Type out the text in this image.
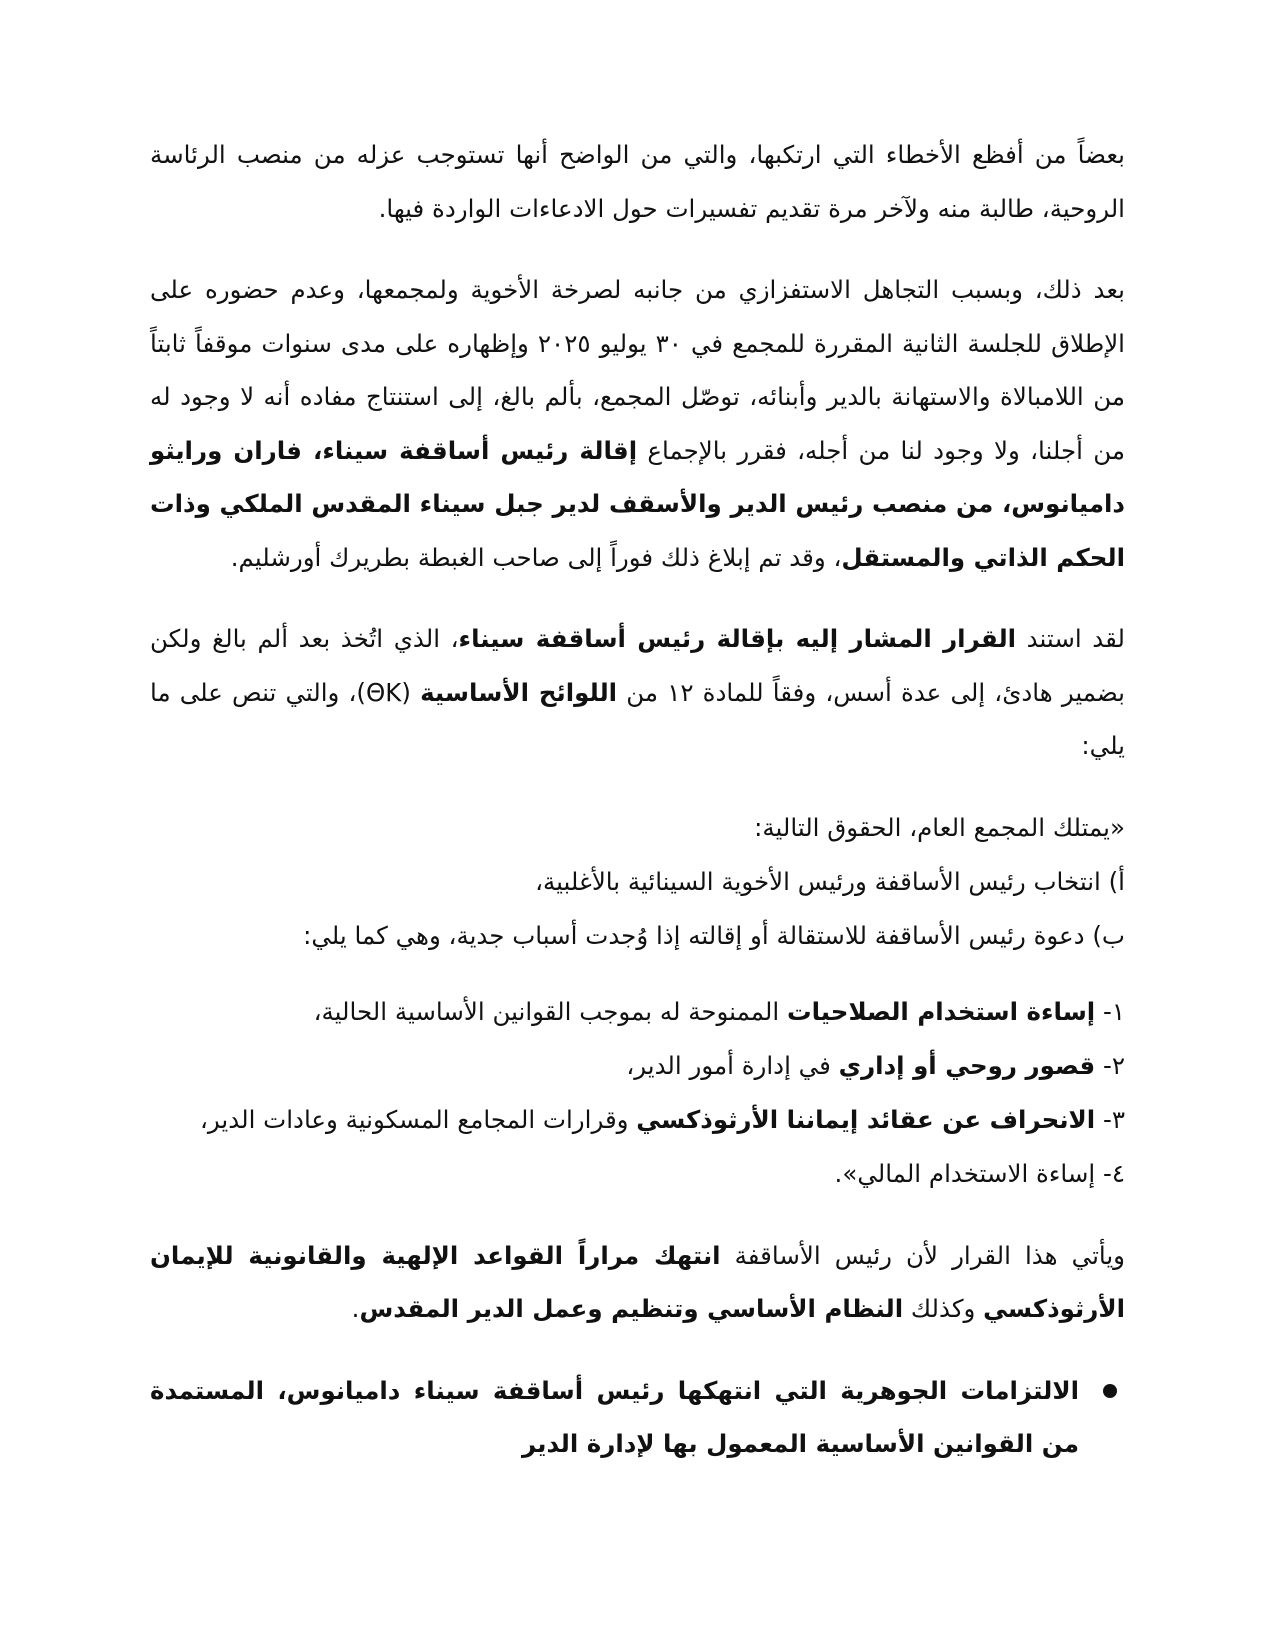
بعضاً من أفظع الأخطاء التي ارتكبها، والتي من الواضح أنها تستوجب عزله من منصب الرئاسة الروحية، طالبة منه ولآخر مرة تقديم تفسيرات حول الادعاءات الواردة فيها.

بعد ذلك، وبسبب التجاهل الاستفزازي من جانبه لصرخة الأخوية ولمجمعها، وعدم حضوره على الإطلاق للجلسة الثانية المقررة للمجمع في ٣٠ يوليو ٢٠٢٥ وإظهاره على مدى سنوات موقفاً ثابتاً من اللامبالاة والاستهانة بالدير وأبنائه، توصّل المجمع، بألم بالغ، إلى استنتاج مفاده أنه لا وجود له من أجلنا، ولا وجود لنا من أجله، فقرر بالإجماع إقالة رئيس أساقفة سيناء، فاران ورايثو داميانوس، من منصب رئيس الدير والأسقف لدير جبل سيناء المقدس الملكي وذات الحكم الذاتي والمستقل، وقد تم إبلاغ ذلك فوراً إلى صاحب الغبطة بطريرك أورشليم.

لقد استند القرار المشار إليه بإقالة رئيس أساقفة سيناء، الذي اتُخذ بعد ألم بالغ ولكن بضمير هادئ، إلى عدة أسس، وفقاً للمادة ١٢ من اللوائح الأساسية (ΘΚ)، والتي تنص على ما يلي:

«يمتلك المجمع العام، الحقوق التالية:

أ) انتخاب رئيس الأساقفة ورئيس الأخوية السينائية بالأغلبية،

ب) دعوة رئيس الأساقفة للاستقالة أو إقالته إذا وُجدت أسباب جدية، وهي كما يلي:

١- إساءة استخدام الصلاحيات الممنوحة له بموجب القوانين الأساسية الحالية،

٢- قصور روحي أو إداري في إدارة أمور الدير،

٣- الانحراف عن عقائد إيماننا الأرثوذكسي وقرارات المجامع المسكونية وعادات الدير،

٤- إساءة الاستخدام المالي».

ويأتي هذا القرار لأن رئيس الأساقفة انتهك مراراً القواعد الإلهية والقانونية للإيمان الأرثوذكسي وكذلك النظام الأساسي وتنظيم وعمل الدير المقدس.

الالتزامات الجوهرية التي انتهكها رئيس أساقفة سيناء داميانوس، المستمدة من القوانين الأساسية المعمول بها لإدارة الدير
